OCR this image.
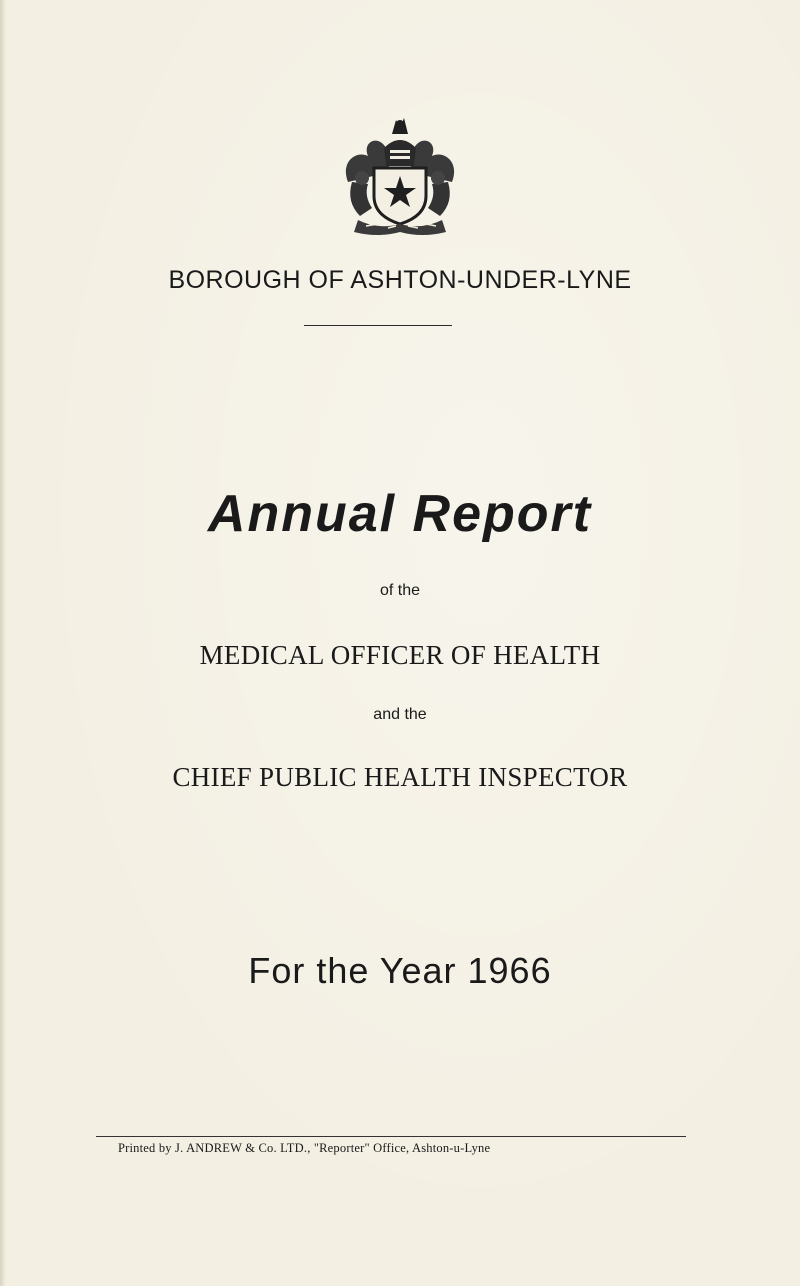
BOROUGH OF ASHTON-UNDER-LYNE
Annual Report
of the
MEDICAL OFFICER OF HEALTH
and the
CHIEF PUBLIC HEALTH INSPECTOR
For the Year 1966
Printed by J. ANDREW & Co. LTD., "Reporter" Office, Ashton-u-Lyne
